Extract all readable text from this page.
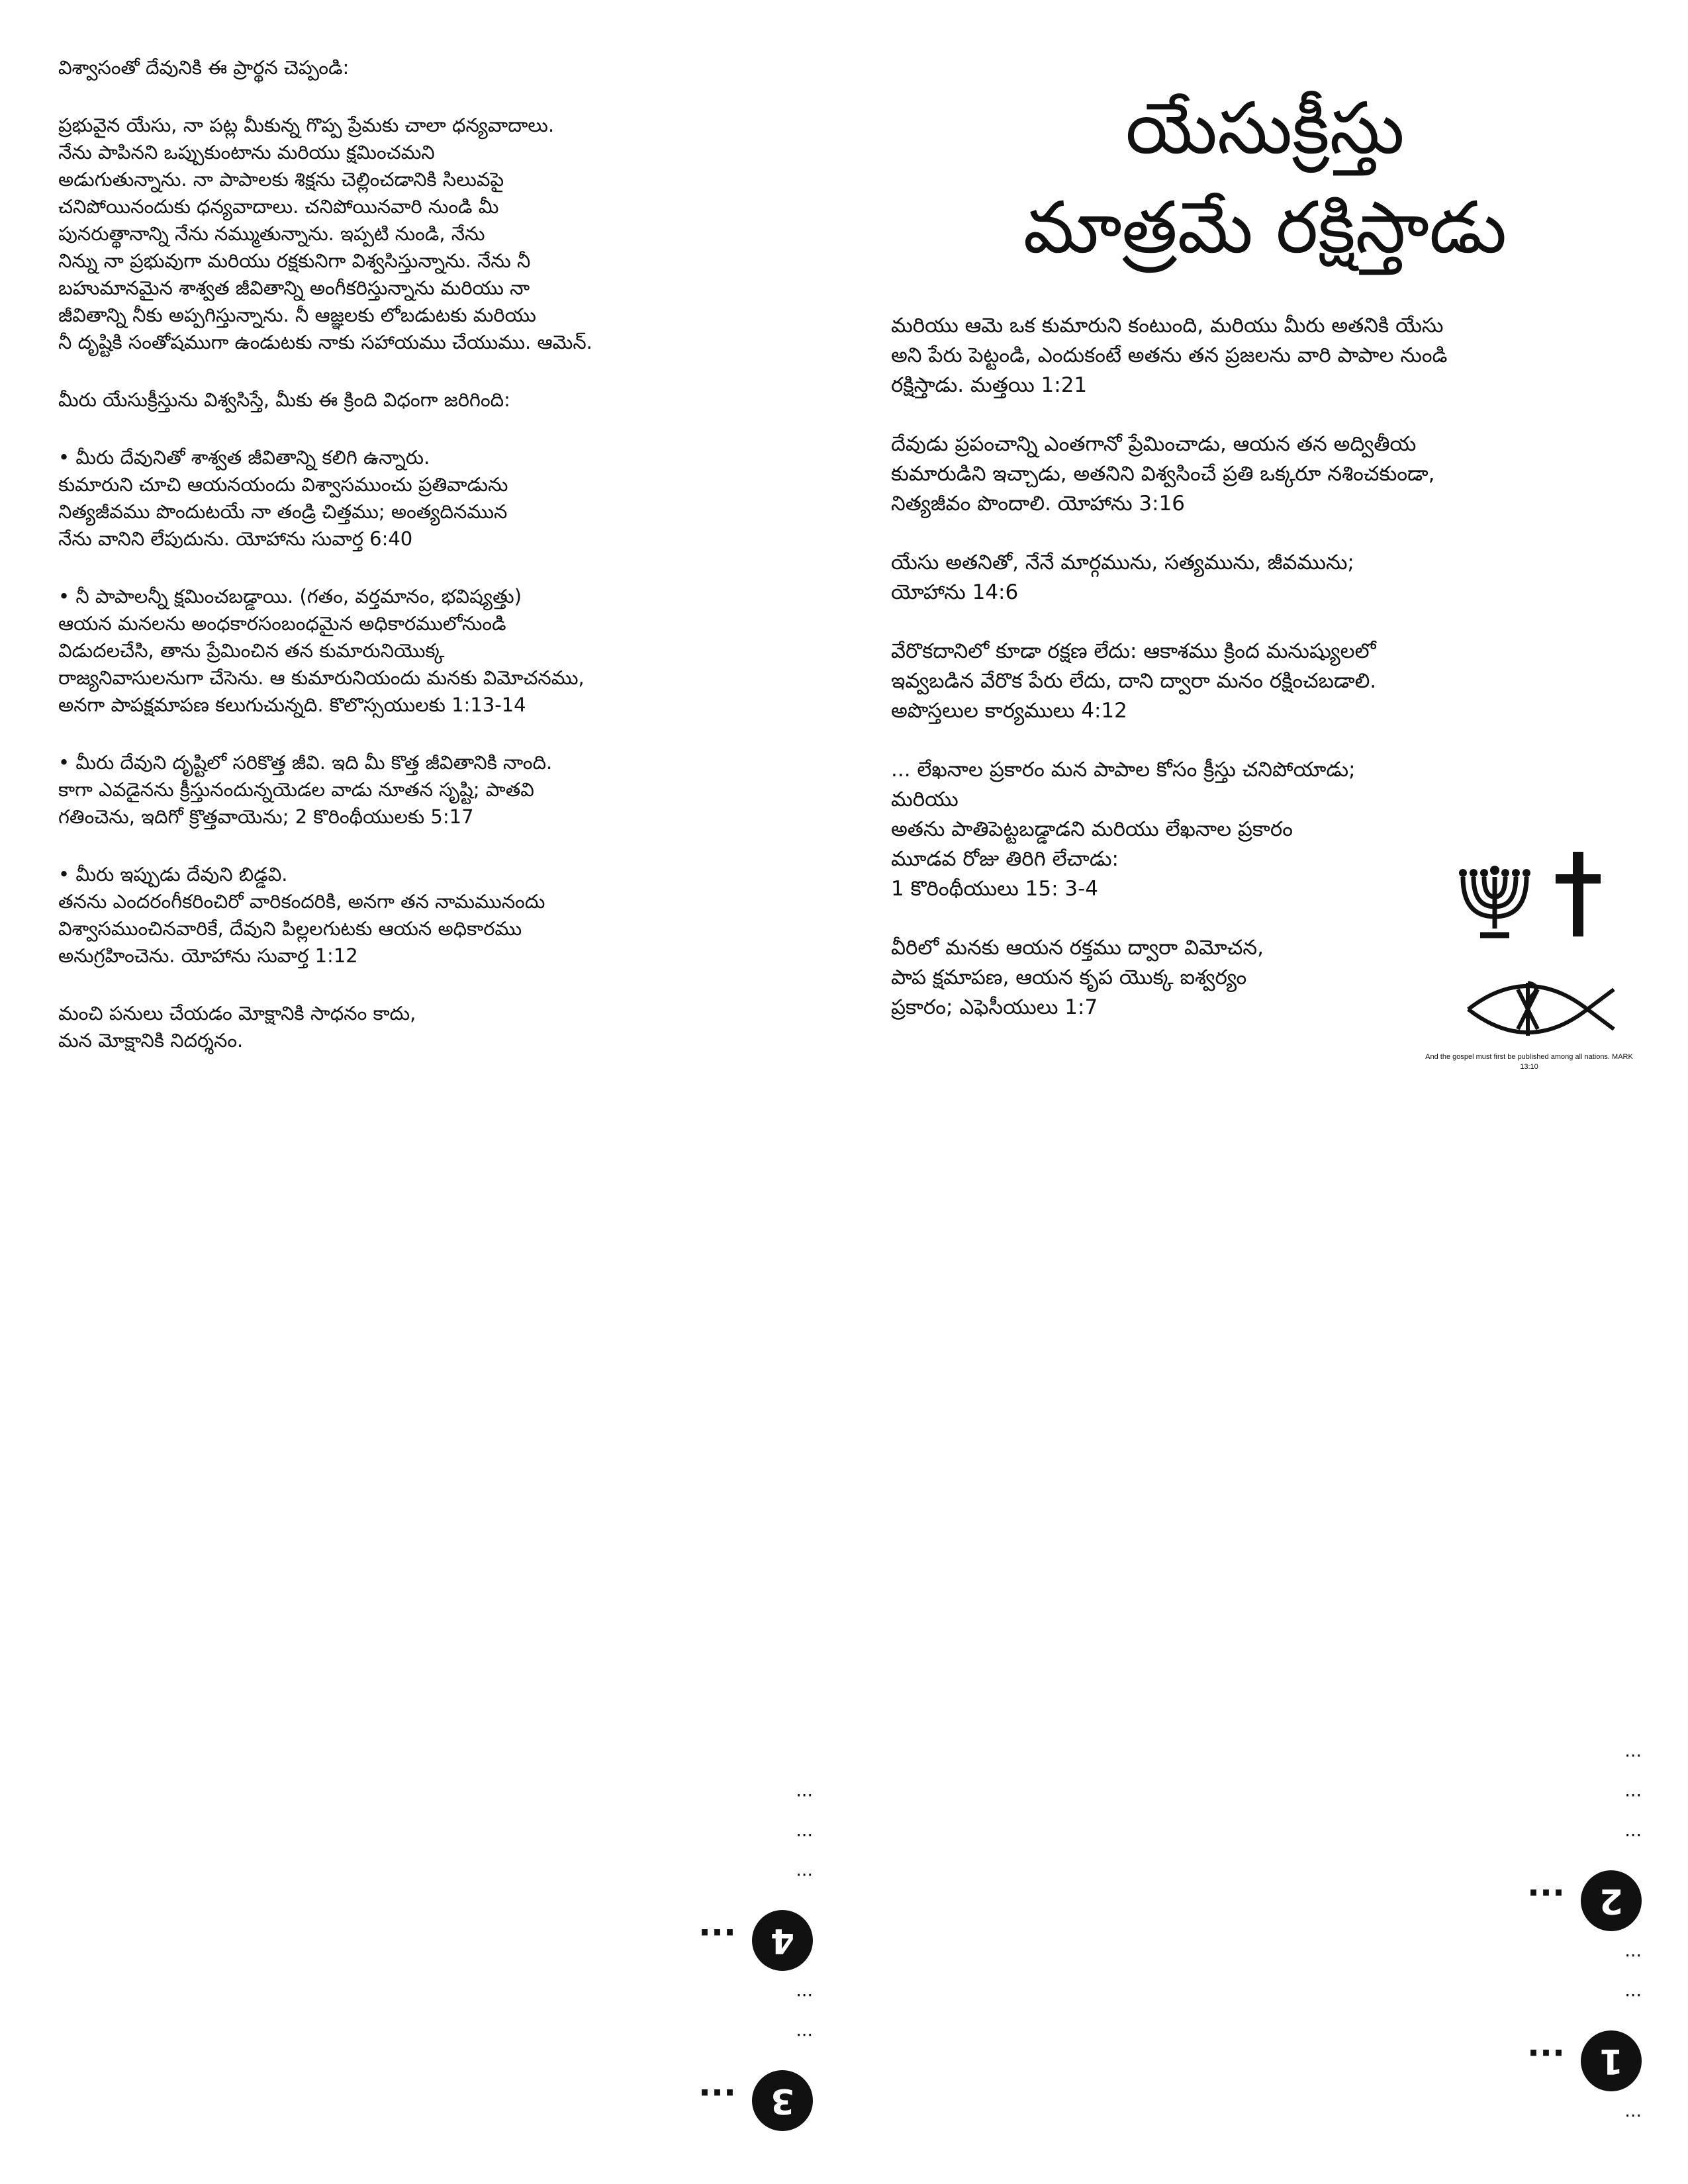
విశ్వాసంతో దేవునికి ఈ ప్రార్థన చెప్పండి:

ప్రభువైన యేసు, నా పట్ల మీకున్న గొప్ప ప్రేమకు చాలా ధన్యవాదాలు.
నేను పాపినని ఒప్పుకుంటాను మరియు క్షమించమని
అడుగుతున్నాను. నా పాపాలకు శిక్షను చెల్లించడానికి సిలువపై
చనిపోయినందుకు ధన్యవాదాలు. చనిపోయినవారి నుండి మీ
పునరుత్థానాన్ని నేను నమ్ముతున్నాను. ఇప్పటి నుండి, నేను
నిన్ను నా ప్రభువుగా మరియు రక్షకునిగా విశ్వసిస్తున్నాను. నేను నీ
బహుమానమైన శాశ్వత జీవితాన్ని అంగీకరిస్తున్నాను మరియు నా
జీవితాన్ని నీకు అప్పగిస్తున్నాను. నీ ఆజ్ఞలకు లోబడుటకు మరియు
నీ దృష్టికి సంతోషముగా ఉండుటకు నాకు సహాయము చేయుము. ఆమెన్.

మీరు యేసుక్రీస్తును విశ్వసిస్తే, మీకు ఈ క్రింది విధంగా జరిగింది:

• మీరు దేవునితో శాశ్వత జీవితాన్ని కలిగి ఉన్నారు.
కుమారుని చూచి ఆయనయందు విశ్వాసముంచు ప్రతివాడును
నిత్యజీవము పొందుటయే నా తండ్రి చిత్తము; అంత్యదినమున
నేను వానిని లేపుదును. యోహాను సువార్త 6:40

• నీ పాపాలన్నీ క్షమించబడ్డాయి. (గతం, వర్తమానం, భవిష్యత్తు)
ఆయన మనలను అంధకారసంబంధమైన అధికారములోనుండి
విడుదలచేసి, తాను ప్రేమించిన తన కుమారునియొక్క
రాజ్యనివాసులనుగా చేసెను. ఆ కుమారునియందు మనకు విమోచనము,
అనగా పాపక్షమాపణ కలుగుచున్నది. కొలొస్సయులకు 1:13-14

• మీరు దేవుని దృష్టిలో సరికొత్త జీవి. ఇది మీ కొత్త జీవితానికి నాంది.
కాగా ఎవడైనను క్రీస్తునందున్నయెడల వాడు నూతన సృష్టి; పాతవి
గతించెను, ఇదిగో క్రొత్తవాయెను; 2 కొరింథీయులకు 5:17

• మీరు ఇప్పుడు దేవుని బిడ్డవి.
తనను ఎందరంగీకరించిరో వారికందరికి, అనగా తన నామమునందు
విశ్వాసముంచినవారికే, దేవుని పిల్లలగుటకు ఆయన అధికారము
అనుగ్రహించెను. యోహాను సువార్త 1:12

మంచి పనులు చేయడం మోక్షానికి సాధనం కాదు,
మన మోక్షానికి నిదర్శనం.

యేసుక్రీస్తు
మాత్రమే రక్షిస్తాడు

మరియు ఆమె ఒక కుమారుని కంటుంది, మరియు మీరు అతనికి యేసు
అని పేరు పెట్టండి, ఎందుకంటే అతను తన ప్రజలను వారి పాపాల నుండి
రక్షిస్తాడు. మత్తయి 1:21

దేవుడు ప్రపంచాన్ని ఎంతగానో ప్రేమించాడు, ఆయన తన అద్వితీయ
కుమారుడిని ఇచ్చాడు, అతనిని విశ్వసించే ప్రతి ఒక్కరూ నశించకుండా,
నిత్యజీవం పొందాలి. యోహాను 3:16

యేసు అతనితో, నేనే మార్గమును, సత్యమును, జీవమును;
యోహాను 14:6

వేరొకదానిలో కూడా రక్షణ లేదు: ఆకాశము క్రింద మనుష్యులలో
ఇవ్వబడిన వేరొక పేరు లేదు, దాని ద్వారా మనం రక్షించబడాలి.
అపొస్తలుల కార్యములు 4:12

... లేఖనాల ప్రకారం మన పాపాల కోసం క్రీస్తు చనిపోయాడు; మరియు
అతను పాతిపెట్టబడ్డాడని మరియు లేఖనాల ప్రకారం
మూడవ రోజు తిరిగి లేచాడు:
1 కొరింథీయులు 15: 3-4

వీరిలో మనకు ఆయన రక్తము ద్వారా విమోచన,
పాప క్షమాపణ, ఆయన కృప యొక్క ఐశ్వర్యం
ప్రకారం; ఎఫెసీయులు 1:7

And the gospel must first be published among all nations. MARK 13:10
3
...

...

...

4
...

...

...

...

...

1
...

...

...

2
...

...

...

...
